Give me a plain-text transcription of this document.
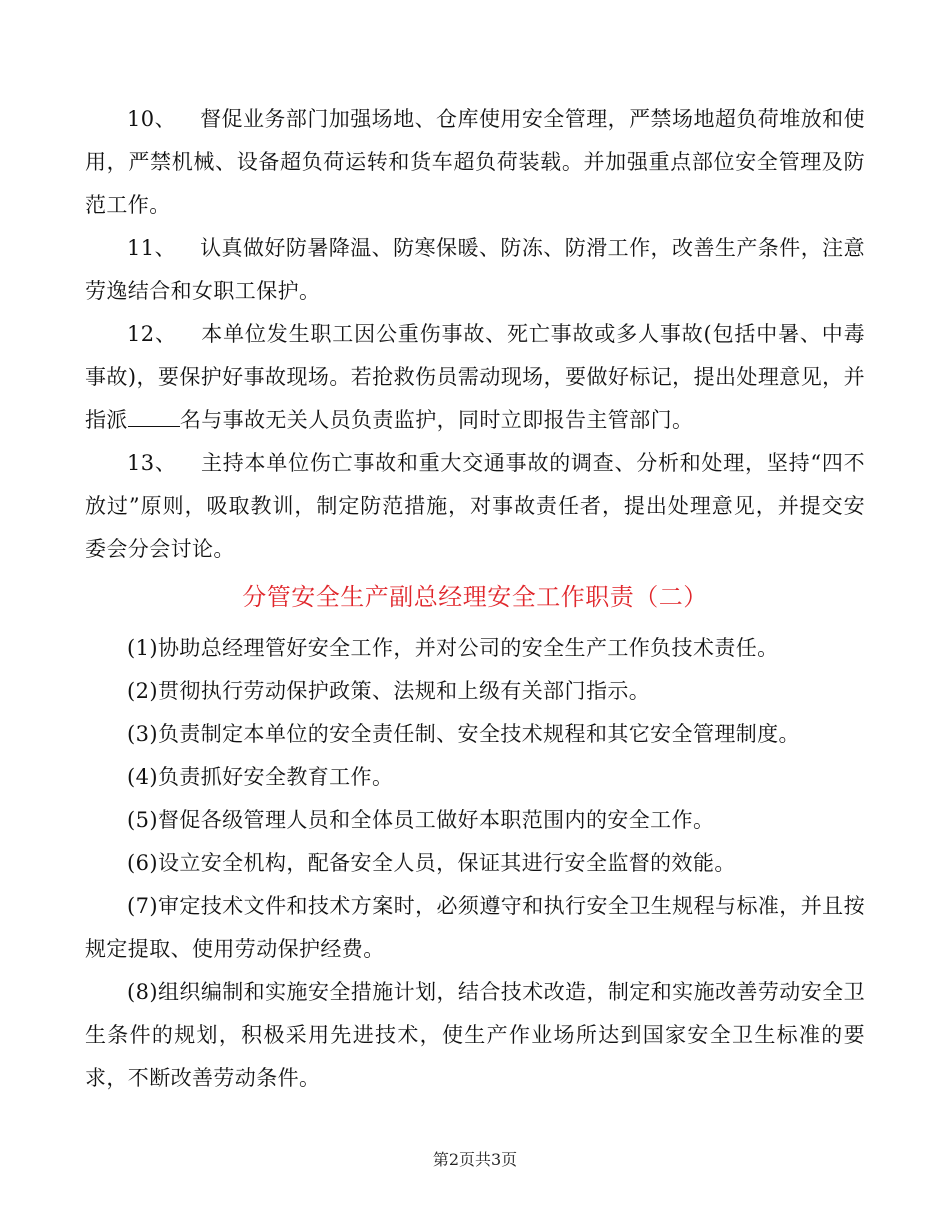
10、 督促业务部门加强场地、仓库使用安全管理，严禁场地超负荷堆放和使用，严禁机械、设备超负荷运转和货车超负荷装载。并加强重点部位安全管理及防范工作。

11、 认真做好防暑降温、防寒保暖、防冻、防滑工作，改善生产条件，注意劳逸结合和女职工保护。

12、 本单位发生职工因公重伤事故、死亡事故或多人事故(包括中暑、中毒事故)，要保护好事故现场。若抢救伤员需动现场，要做好标记，提出处理意见，并指派 名与事故无关人员负责监护，同时立即报告主管部门。

13、 主持本单位伤亡事故和重大交通事故的调查、分析和处理，坚持“四不放过”原则，吸取教训，制定防范措施，对事故责任者，提出处理意见，并提交安委会分会讨论。

分管安全生产副总经理安全工作职责（二）

(1)协助总经理管好安全工作，并对公司的安全生产工作负技术责任。

(2)贯彻执行劳动保护政策、法规和上级有关部门指示。

(3)负责制定本单位的安全责任制、安全技术规程和其它安全管理制度。

(4)负责抓好安全教育工作。

(5)督促各级管理人员和全体员工做好本职范围内的安全工作。

(6)设立安全机构，配备安全人员，保证其进行安全监督的效能。

(7)审定技术文件和技术方案时，必须遵守和执行安全卫生规程与标准，并且按规定提取、使用劳动保护经费。

(8)组织编制和实施安全措施计划，结合技术改造，制定和实施改善劳动安全卫生条件的规划，积极采用先进技术，使生产作业场所达到国家安全卫生标准的要求，不断改善劳动条件。

第2页共3页
